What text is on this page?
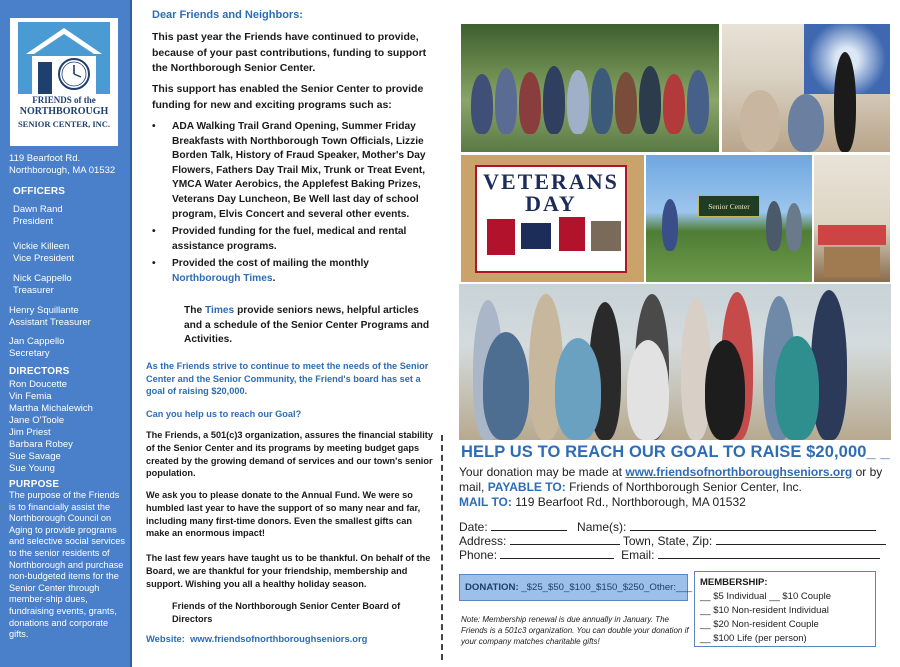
FRIENDS of the
NORTHBOROUGH
SENIOR CENTER, INC.
119 Bearfoot Rd.
Northborough, MA 01532
OFFICERS
Dawn Rand
President
Vickie Killeen
Vice President
Nick Cappello
Treasurer
Henry Squillante
Assistant Treasurer
Jan Cappello
Secretary
DIRECTORS
Ron Doucette
Vin Femia
Martha Michalewich
Jane O'Toole
Jim Priest
Barbara Robey
Sue Savage
Sue Young
PURPOSE
The purpose of the Friends is to financially assist the Northborough Council on Aging to provide programs and selective social services to the senior residents of Northborough and purchase non-budgeted items for the Senior Center through member-ship dues, fundraising events, grants, donations and corporate gifts.
Dear Friends and Neighbors:
This past year the Friends have continued to provide, because of your past contributions, funding to support the Northborough Senior Center.
This support has enabled the Senior Center to provide funding for new and exciting programs such as:
• ADA Walking Trail Grand Opening, Summer Friday Breakfasts with Northborough Town Officials, Lizzie Borden Talk, History of Fraud Speaker, Mother's Day Flowers, Fathers Day Trail Mix, Trunk or Treat Event, YMCA Water Aerobics, the Applefest Baking Prizes, Veterans Day Luncheon, Be Well last day of school program, Elvis Concert and several other events.
• Provided funding for the fuel, medical and rental assistance programs.
• Provided the cost of mailing the monthly Northborough Times.
The Times provide seniors news, helpful articles and a schedule of the Senior Center Programs and Activities.
As the Friends strive to continue to meet the needs of the Senior Center and the Senior Community, the Friend's board has set a goal of raising $20,000.
Can you help us to reach our Goal?
The Friends, a 501(c)3 organization, assures the financial stability of the Senior Center and its programs by meeting budget gaps created by the growing demand of services and our town's senior population.
We ask you to please donate to the Annual Fund. We were so humbled last year to have the support of so many near and far, including many first-time donors. Even the smallest gifts can make an enormous impact!
The last few years have taught us to be thankful. On behalf of the Board, we are thankful for your friendship, membership and support. Wishing you all a healthy holiday season.
Friends of the Northborough Senior Center Board of Directors
Website: www.friendsofnorthboroughseniors.org
VETERANS DAY	Senior Center
HELP US TO REACH OUR GOAL TO RAISE $20,000_ _
Your donation may be made at www.friendsofnorthboroughseniors.org or by
mail, PAYABLE TO: Friends of Northborough Senior Center, Inc.
MAIL TO: 119 Bearfoot Rd., Northborough, MA 01532
Date:	Name(s):
Address:	Town, State, Zip:
Phone:	Email:
DONATION: _$25_$50_$100_$150_$250_Other:___
Note: Membership renewal is due annually in January. The Friends is a 501c3 organization. You can double your donation if your company matches charitable gifts!
MEMBERSHIP:
__ $5 Individual __ $10 Couple
__ $10 Non-resident Individual
__ $20 Non-resident Couple
__ $100 Life (per person)
